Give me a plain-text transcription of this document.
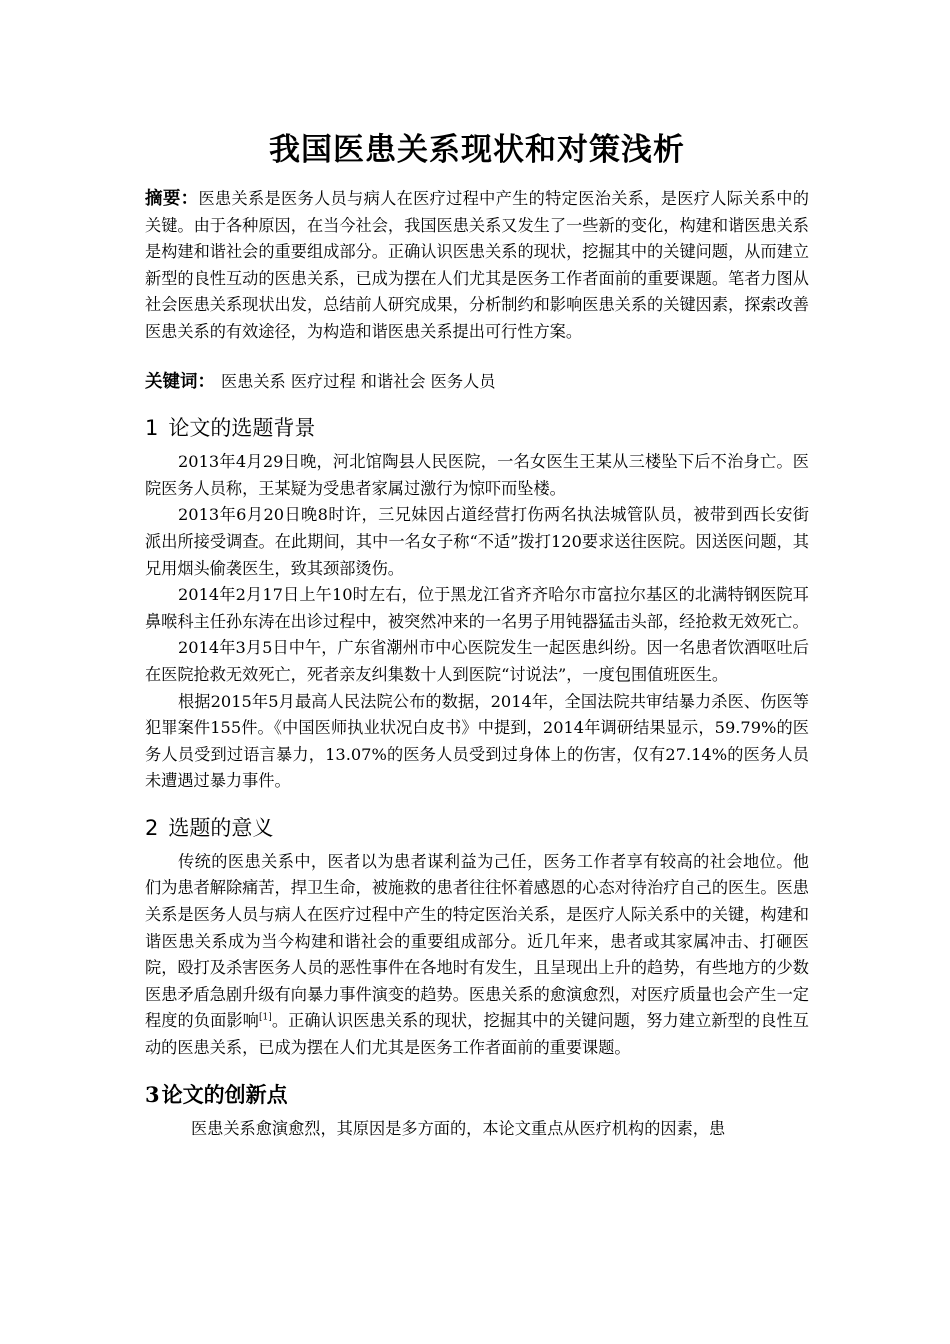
我国医患关系现状和对策浅析

摘要：医患关系是医务人员与病人在医疗过程中产生的特定医治关系，是医疗人际关系中的关键。由于各种原因，在当今社会，我国医患关系又发生了一些新的变化，构建和谐医患关系是构建和谐社会的重要组成部分。正确认识医患关系的现状，挖掘其中的关键问题，从而建立新型的良性互动的医患关系，已成为摆在人们尤其是医务工作者面前的重要课题。笔者力图从社会医患关系现状出发，总结前人研究成果，分析制约和影响医患关系的关键因素，探索改善医患关系的有效途径，为构造和谐医患关系提出可行性方案。

关键词： 医患关系 医疗过程 和谐社会 医务人员
1 论文的选题背景

2013年4月29日晚，河北馆陶县人民医院，一名女医生王某从三楼坠下后不治身亡。医院医务人员称，王某疑为受患者家属过激行为惊吓而坠楼。

2013年6月20日晚8时许，三兄妹因占道经营打伤两名执法城管队员，被带到西长安街派出所接受调查。在此期间，其中一名女子称“不适”拨打120要求送往医院。因送医问题，其兄用烟头偷袭医生，致其颈部烫伤。

2014年2月17日上午10时左右，位于黑龙江省齐齐哈尔市富拉尔基区的北满特钢医院耳鼻喉科主任孙东涛在出诊过程中，被突然冲来的一名男子用钝器猛击头部，经抢救无效死亡。

2014年3月5日中午，广东省潮州市中心医院发生一起医患纠纷。因一名患者饮酒呕吐后在医院抢救无效死亡，死者亲友纠集数十人到医院“讨说法”，一度包围值班医生。

根据2015年5月最高人民法院公布的数据，2014年，全国法院共审结暴力杀医、伤医等犯罪案件155件。《中国医师执业状况白皮书》中提到，2014年调研结果显示，59.79%的医务人员受到过语言暴力，13.07%的医务人员受到过身体上的伤害，仅有27.14%的医务人员未遭遇过暴力事件。

2 选题的意义

传统的医患关系中，医者以为患者谋利益为己任，医务工作者享有较高的社会地位。他们为患者解除痛苦，捍卫生命，被施救的患者往往怀着感恩的心态对待治疗自己的医生。医患关系是医务人员与病人在医疗过程中产生的特定医治关系，是医疗人际关系中的关键，构建和谐医患关系成为当今构建和谐社会的重要组成部分。近几年来，患者或其家属冲击、打砸医院，殴打及杀害医务人员的恶性事件在各地时有发生，且呈现出上升的趋势，有些地方的少数医患矛盾急剧升级有向暴力事件演变的趋势。医患关系的愈演愈烈，对医疗质量也会产生一定程度的负面影响[1]。正确认识医患关系的现状，挖掘其中的关键问题，努力建立新型的良性互动的医患关系，已成为摆在人们尤其是医务工作者面前的重要课题。

3论文的创新点

医患关系愈演愈烈，其原因是多方面的，本论文重点从医疗机构的因素，患
